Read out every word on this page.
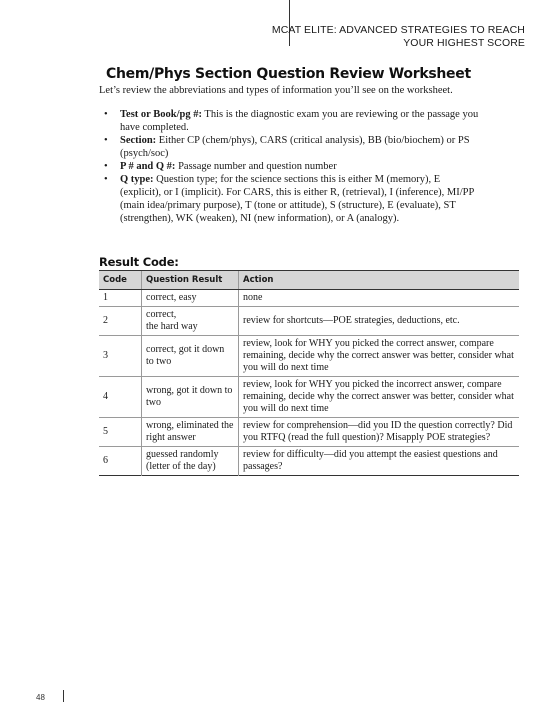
MCAT ELITE: ADVANCED STRATEGIES TO REACH
YOUR HIGHEST SCORE
Chem/Phys Section Question Review Worksheet
Let’s review the abbreviations and types of information you’ll see on the worksheet.
• Test or Book/pg #: This is the diagnostic exam you are reviewing or the passage you have completed.
• Section: Either CP (chem/phys), CARS (critical analysis), BB (bio/biochem) or PS (psych/soc)
• P # and Q #: Passage number and question number
• Q type: Question type; for the science sections this is either M (memory), E (explicit), or I (implicit). For CARS, this is either R, (retrieval), I (inference), MI/PP (main idea/primary purpose), T (tone or attitude), S (structure), E (evaluate), ST (strengthen), WK (weaken), NI (new information), or A (analogy).
Result Code:
Code	Question Result	Action
1	correct, easy	none
2	correct,
the hard way	review for shortcuts—POE strategies, deductions, etc.
3	correct, got it down to two	review, look for WHY you picked the correct answer, compare remaining, decide why the correct answer was better, consider what you will do next time
4	wrong, got it down to two	review, look for WHY you picked the incorrect answer, compare remaining, decide why the correct answer was better, consider what you will do next time
5	wrong, eliminated the right answer	review for comprehension—did you ID the question correctly? Did you RTFQ (read the full question)? Misapply POE strategies?
6	guessed randomly (letter of the day)	review for difficulty—did you attempt the easiest questions and passages?
48
